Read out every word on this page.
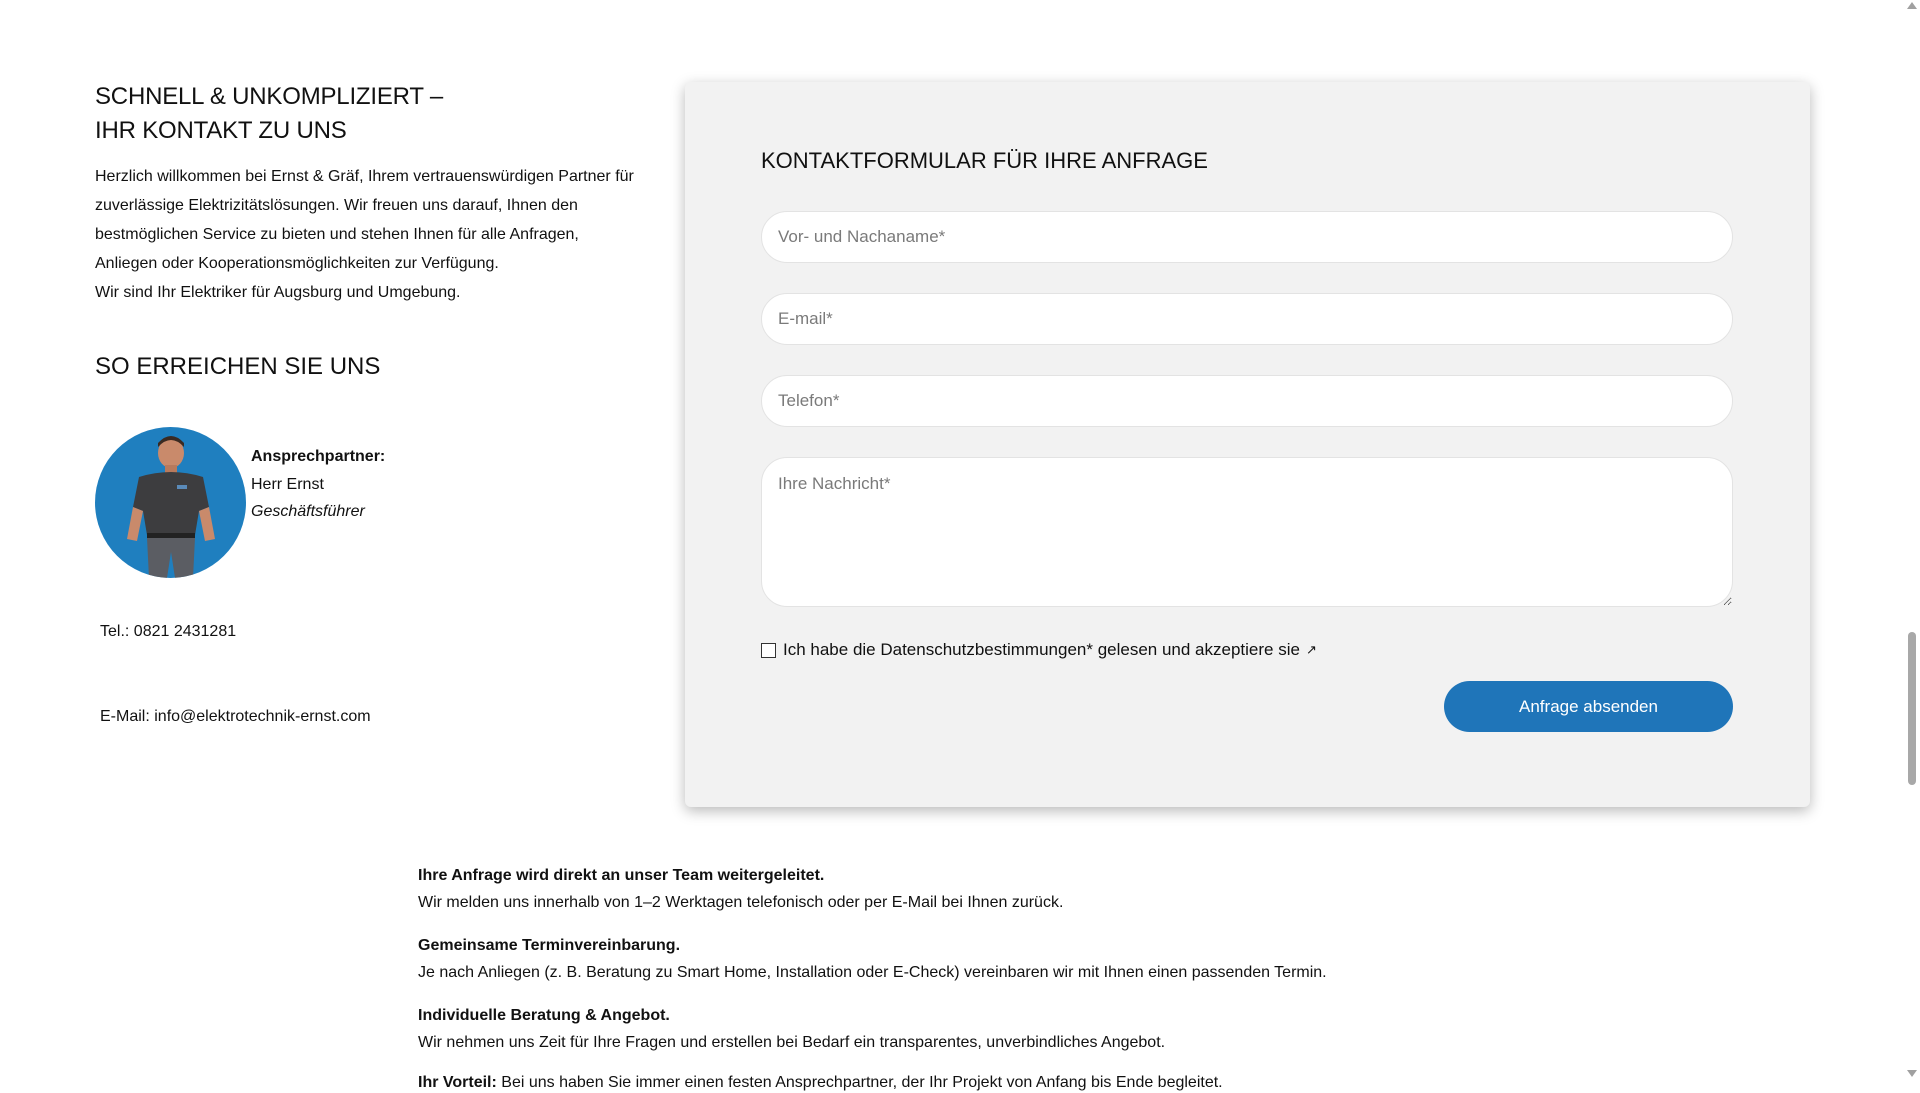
SCHNELL & UNKOMPLIZIERT –
IHR KONTAKT ZU UNS

Herzlich willkommen bei Ernst & Gräf, Ihrem vertrauenswürdigen Partner für

zuverlässige Elektrizitätslösungen. Wir freuen uns darauf, Ihnen den

bestmöglichen Service zu bieten und stehen Ihnen für alle Anfragen,

Anliegen oder Kooperationsmöglichkeiten zur Verfügung.

Wir sind Ihr Elektriker für Augsburg und Umgebung.

SO ERREICHEN SIE UNS
Ansprechpartner:
Herr Ernst
Geschäftsführer
Tel.: 0821 2431281
E-Mail: info@elektrotechnik-ernst.com
KONTAKTFORMULAR FÜR IHRE ANFRAGE
Vor- und Nachaname*
E-mail*
Telefon*
Ihre Nachricht*
Ich habe die Datenschutzbestimmungen* gelesen und akzeptiere sie ↗
Anfrage absenden
Ihre Anfrage wird direkt an unser Team weitergeleitet.
Wir melden uns innerhalb von 1–2 Werktagen telefonisch oder per E-Mail bei Ihnen zurück.
Gemeinsame Terminvereinbarung.
Je nach Anliegen (z. B. Beratung zu Smart Home, Installation oder E-Check) vereinbaren wir mit Ihnen einen passenden Termin.
Individuelle Beratung & Angebot.
Wir nehmen uns Zeit für Ihre Fragen und erstellen bei Bedarf ein transparentes, unverbindliches Angebot.
Ihr Vorteil: Bei uns haben Sie immer einen festen Ansprechpartner, der Ihr Projekt von Anfang bis Ende begleitet.
